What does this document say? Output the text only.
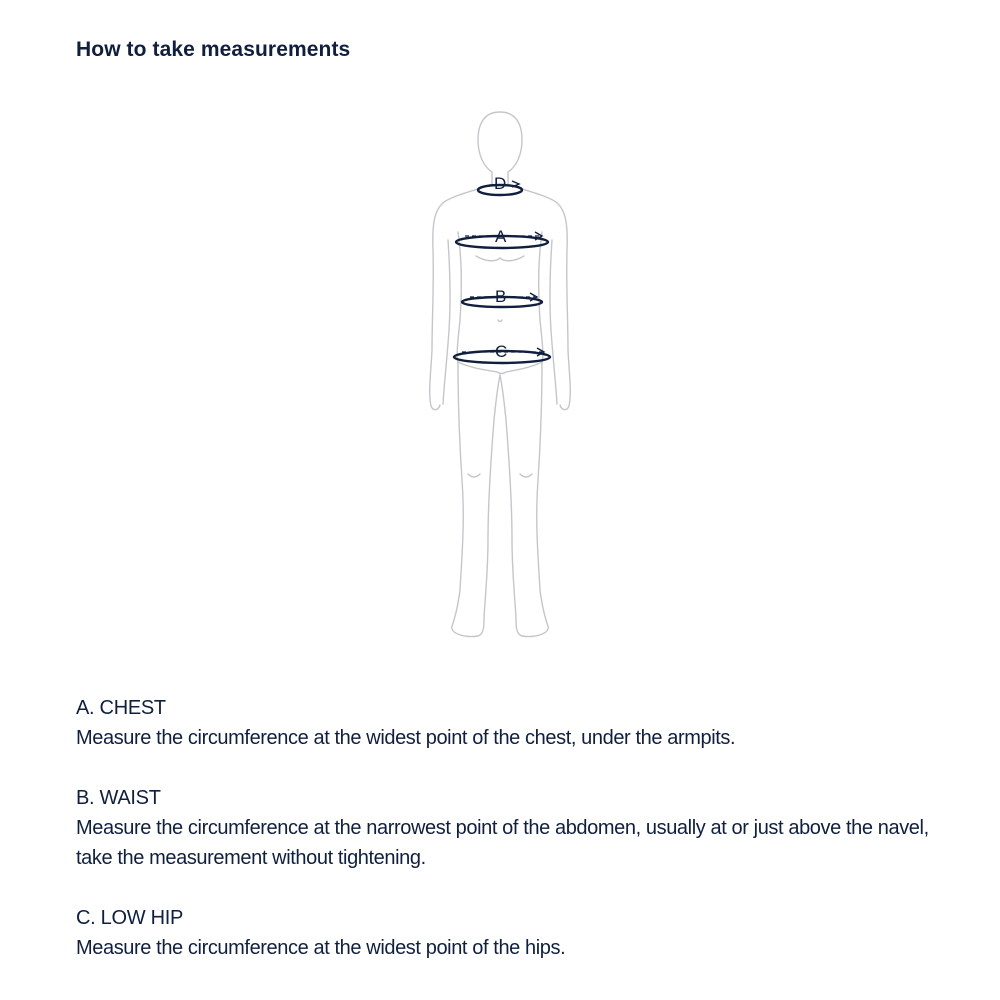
How to take measurements
D
A
B
C
A. CHEST
Measure the circumference at the widest point of the chest, under the armpits.
B. WAIST
Measure the circumference at the narrowest point of the abdomen, usually at or just above the navel, take the measurement without tightening.
C. LOW HIP
Measure the circumference at the widest point of the hips.
